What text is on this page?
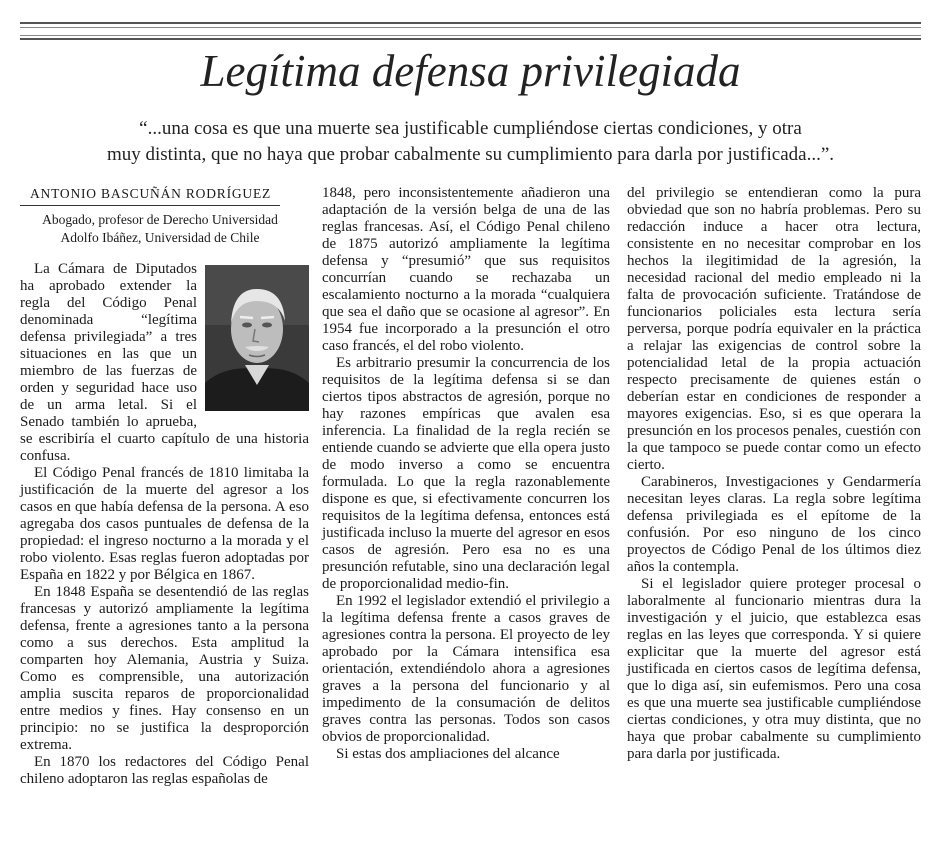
Legítima defensa privilegiada
“...una cosa es que una muerte sea justificable cumpliéndose ciertas condiciones, y otra
muy distinta, que no haya que probar cabalmente su cumplimiento para darla por justificada...”.

ANTONIO BASCUÑÁN RODRÍGUEZ

Abogado, profesor de Derecho Universidad
Adolfo Ibáñez, Universidad de Chile

La Cámara de Diputados ha aprobado extender la regla del Código Penal denominada “legítima defensa privilegiada” a tres situaciones en las que un miembro de las fuerzas de orden y seguridad hace uso de un arma letal. Si el Senado también lo aprueba, se escribiría el cuarto capítulo de una historia confusa.

El Código Penal francés de 1810 limitaba la justificación de la muerte del agresor a los casos en que había defensa de la persona. A eso agregaba dos casos puntuales de defensa de la propiedad: el ingreso nocturno a la morada y el robo violento. Esas reglas fueron adoptadas por España en 1822 y por Bélgica en 1867.

En 1848 España se desentendió de las reglas francesas y autorizó ampliamente la legítima defensa, frente a agresiones tanto a la persona como a sus derechos. Esta amplitud la comparten hoy Alemania, Austria y Suiza. Como es comprensible, una autorización amplia suscita reparos de proporcionalidad entre medios y fines. Hay consenso en un principio: no se justifica la desproporción extrema.

En 1870 los redactores del Código Penal chileno adoptaron las reglas españolas de

1848, pero inconsistentemente añadieron una adaptación de la versión belga de una de las reglas francesas. Así, el Código Penal chileno de 1875 autorizó ampliamente la legítima defensa y “presumió” que sus requisitos concurrían cuando se rechazaba un escalamiento nocturno a la morada “cualquiera que sea el daño que se ocasione al agresor”. En 1954 fue incorporado a la presunción el otro caso francés, el del robo violento.

Es arbitrario presumir la concurrencia de los requisitos de la legítima defensa si se dan ciertos tipos abstractos de agresión, porque no hay razones empíricas que avalen esa inferencia. La finalidad de la regla recién se entiende cuando se advierte que ella opera justo de modo inverso a como se encuentra formulada. Lo que la regla razonablemente dispone es que, si efectivamente concurren los requisitos de la legítima defensa, entonces está justificada incluso la muerte del agresor en esos casos de agresión. Pero esa no es una presunción refutable, sino una declaración legal de proporcionalidad medio-fin.

En 1992 el legislador extendió el privilegio a la legítima defensa frente a casos graves de agresiones contra la persona. El proyecto de ley aprobado por la Cámara intensifica esa orientación, extendiéndolo ahora a agresiones graves a la persona del funcionario y al impedimento de la consumación de delitos graves contra las personas. Todos son casos obvios de proporcionalidad.

Si estas dos ampliaciones del alcance

del privilegio se entendieran como la pura obviedad que son no habría problemas. Pero su redacción induce a hacer otra lectura, consistente en no necesitar comprobar en los hechos la ilegitimidad de la agresión, la necesidad racional del medio empleado ni la falta de provocación suficiente. Tratándose de funcionarios policiales esta lectura sería perversa, porque podría equivaler en la práctica a relajar las exigencias de control sobre la potencialidad letal de la propia actuación respecto precisamente de quienes están o deberían estar en condiciones de responder a mayores exigencias. Eso, si es que operara la presunción en los procesos penales, cuestión con la que tampoco se puede contar como un efecto cierto.

Carabineros, Investigaciones y Gendarmería necesitan leyes claras. La regla sobre legítima defensa privilegiada es el epítome de la confusión. Por eso ninguno de los cinco proyectos de Código Penal de los últimos diez años la contempla.

Si el legislador quiere proteger procesal o laboralmente al funcionario mientras dura la investigación y el juicio, que establezca esas reglas en las leyes que corresponda. Y si quiere explicitar que la muerte del agresor está justificada en ciertos casos de legítima defensa, que lo diga así, sin eufemismos. Pero una cosa es que una muerte sea justificable cumpliéndose ciertas condiciones, y otra muy distinta, que no haya que probar cabalmente su cumplimiento para darla por justificada.
